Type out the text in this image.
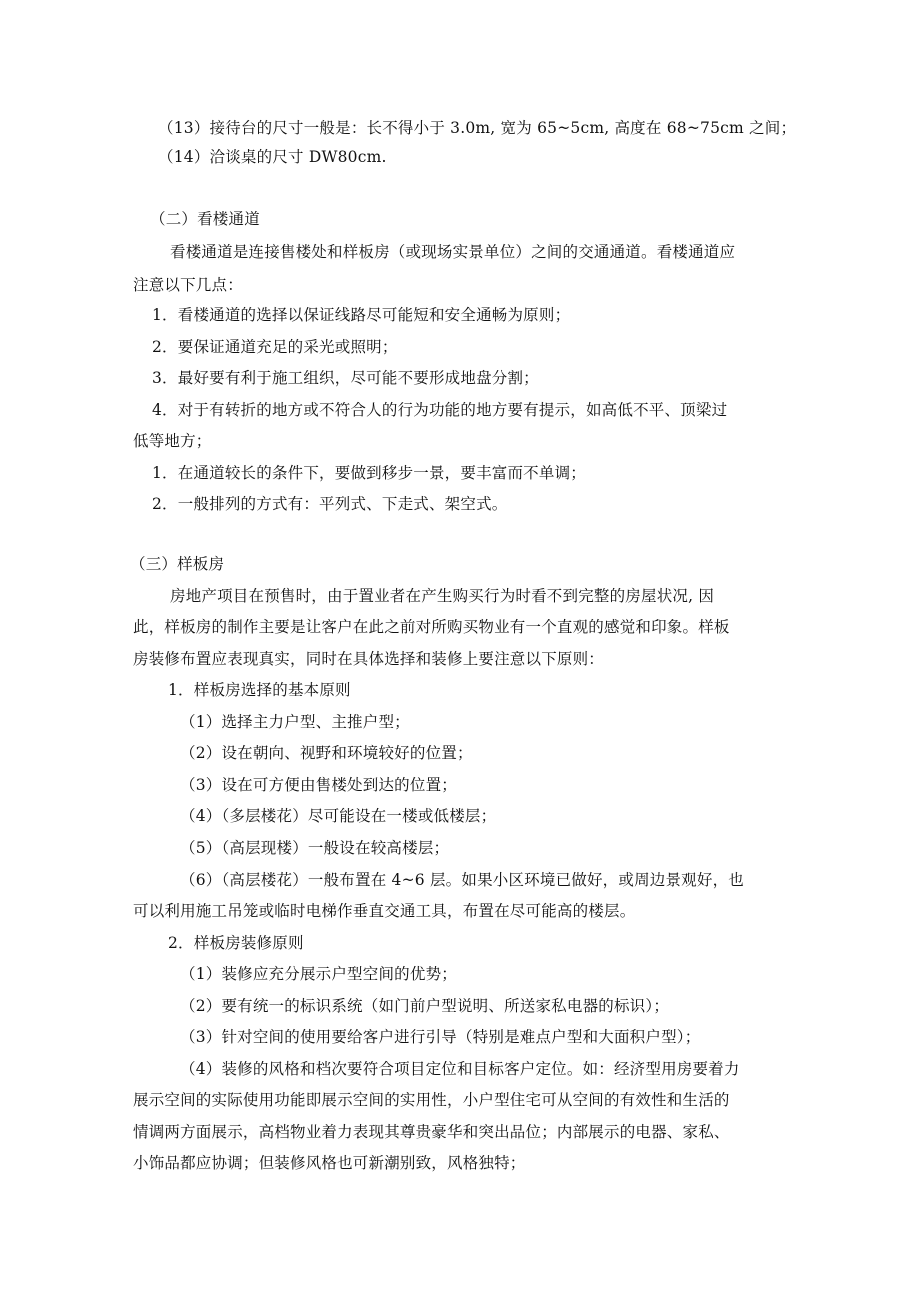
（13）接待台的尺寸一般是：长不得小于 3.0m, 宽为 65~5cm, 高度在 68~75cm 之间；
（14）洽谈桌的尺寸 DW80cm.
（二）看楼通道
看楼通道是连接售楼处和样板房（或现场实景单位）之间的交通通道。看楼通道应
注意以下几点：
1．看楼通道的选择以保证线路尽可能短和安全通畅为原则；
2．要保证通道充足的采光或照明；
3．最好要有利于施工组织，尽可能不要形成地盘分割；
4．对于有转折的地方或不符合人的行为功能的地方要有提示，如高低不平、顶梁过
低等地方；
1．在通道较长的条件下，要做到移步一景，要丰富而不单调；
2．一般排列的方式有：平列式、下走式、架空式。
（三）样板房
房地产项目在预售时，由于置业者在产生购买行为时看不到完整的房屋状况, 因
此，样板房的制作主要是让客户在此之前对所购买物业有一个直观的感觉和印象。样板
房装修布置应表现真实，同时在具体选择和装修上要注意以下原则：
1．样板房选择的基本原则
（1）选择主力户型、主推户型；
（2）设在朝向、视野和环境较好的位置；
（3）设在可方便由售楼处到达的位置；
（4）（多层楼花）尽可能设在一楼或低楼层；
（5）（高层现楼）一般设在较高楼层；
（6）（高层楼花）一般布置在 4~6 层。如果小区环境已做好，或周边景观好，也
可以利用施工吊笼或临时电梯作垂直交通工具，布置在尽可能高的楼层。
2．样板房装修原则
（1）装修应充分展示户型空间的优势；
（2）要有统一的标识系统（如门前户型说明、所送家私电器的标识）；
（3）针对空间的使用要给客户进行引导（特别是难点户型和大面积户型）；
（4）装修的风格和档次要符合项目定位和目标客户定位。如：经济型用房要着力
展示空间的实际使用功能即展示空间的实用性，小户型住宅可从空间的有效性和生活的
情调两方面展示，高档物业着力表现其尊贵豪华和突出品位；内部展示的电器、家私、
小饰品都应协调；但装修风格也可新潮别致，风格独特；
